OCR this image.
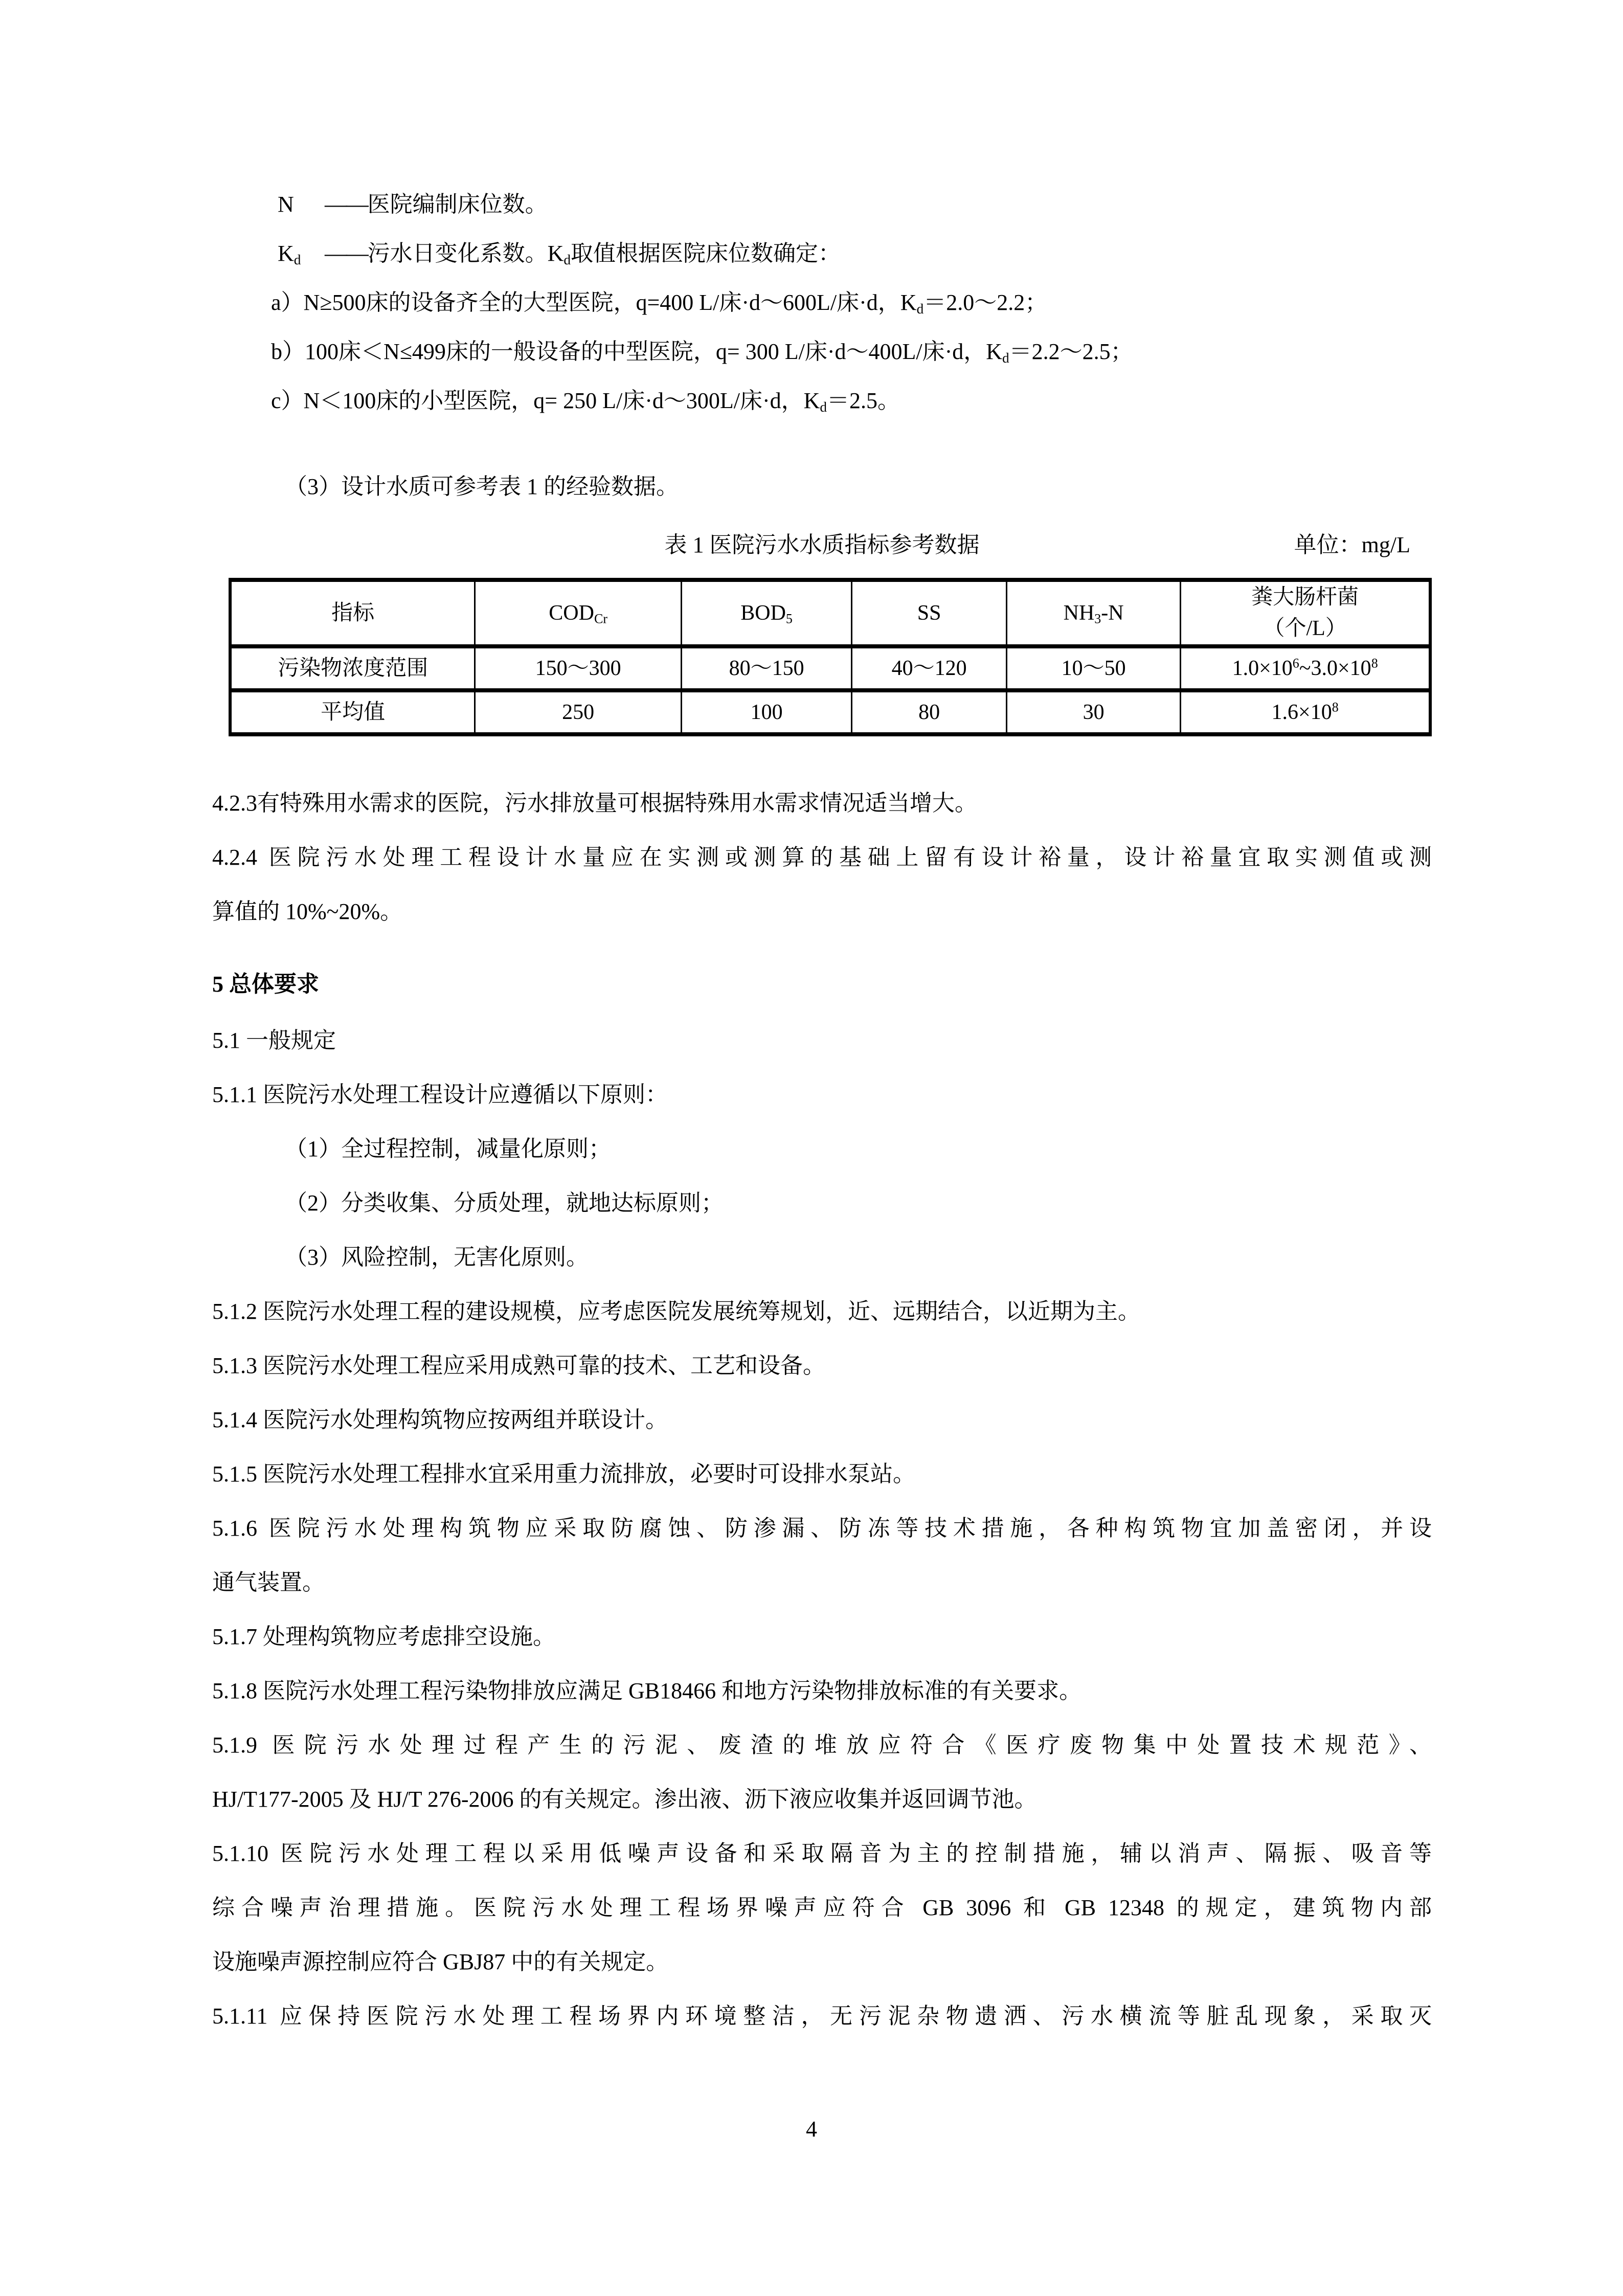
N ——医院编制床位数。
$K_d$ ——污水日变化系数。$K_d$取值根据医院床位数确定：
a）N≥500床的设备齐全的大型医院，q=400 L/床·d～600L/床·d，$K_d=2.0\sim 2.2$；
b）100床＜N≤499床的一般设备的中型医院，q= 300 L/床·d～400L/床·d，$K_d=2.2\sim 2.5$；
c）N＜100床的小型医院，q= 250 L/床·d～300L/床·d，$K_d=2.5$。
（3）设计水质可参考表 1 的经验数据。
表 1 医院污水水质指标参考数据	单位：mg/L
指标	$COD_{Cr}$	$BOD_5$	SS	$NH_3-N$	粪大肠杆菌
（个/L）

污染物浓度范围	150～300	80～150	40～120	10～50	$1.0\times 10^6\sim 3.0\times 10^8$
平均值	250	100	80	30	$1.6\times 10^8$
4.2.3有特殊用水需求的医院，污水排放量可根据特殊用水需求情况适当增大。
4.2.4 医院污水处理工程设计水量应在实测或测算的基础上留有设计裕量，设计裕量宜取实测值或测
算值的 10%~20%。
5 总体要求
5.1 一般规定
5.1.1 医院污水处理工程设计应遵循以下原则：
（1）全过程控制，减量化原则；
（2）分类收集、分质处理，就地达标原则；
（3）风险控制，无害化原则。
5.1.2 医院污水处理工程的建设规模，应考虑医院发展统筹规划，近、远期结合，以近期为主。
5.1.3 医院污水处理工程应采用成熟可靠的技术、工艺和设备。
5.1.4 医院污水处理构筑物应按两组并联设计。
5.1.5 医院污水处理工程排水宜采用重力流排放，必要时可设排水泵站。
5.1.6 医院污水处理构筑物应采取防腐蚀、防渗漏、防冻等技术措施，各种构筑物宜加盖密闭，并设
通气装置。
5.1.7 处理构筑物应考虑排空设施。
5.1.8 医院污水处理工程污染物排放应满足 GB18466 和地方污染物排放标准的有关要求。
5.1.9 医院污水处理过程产生的污泥、废渣的堆放应符合《医疗废物集中处置技术规范》、
HJ/T177-2005 及 HJ/T 276-2006 的有关规定。渗出液、沥下液应收集并返回调节池。
5.1.10 医院污水处理工程以采用低噪声设备和采取隔音为主的控制措施，辅以消声、隔振、吸音等
综合噪声治理措施。医院污水处理工程场界噪声应符合 GB 3096 和 GB 12348 的规定，建筑物内部
设施噪声源控制应符合 GBJ87 中的有关规定。
5.1.11 应保持医院污水处理工程场界内环境整洁，无污泥杂物遗洒、污水横流等脏乱现象，采取灭
4
